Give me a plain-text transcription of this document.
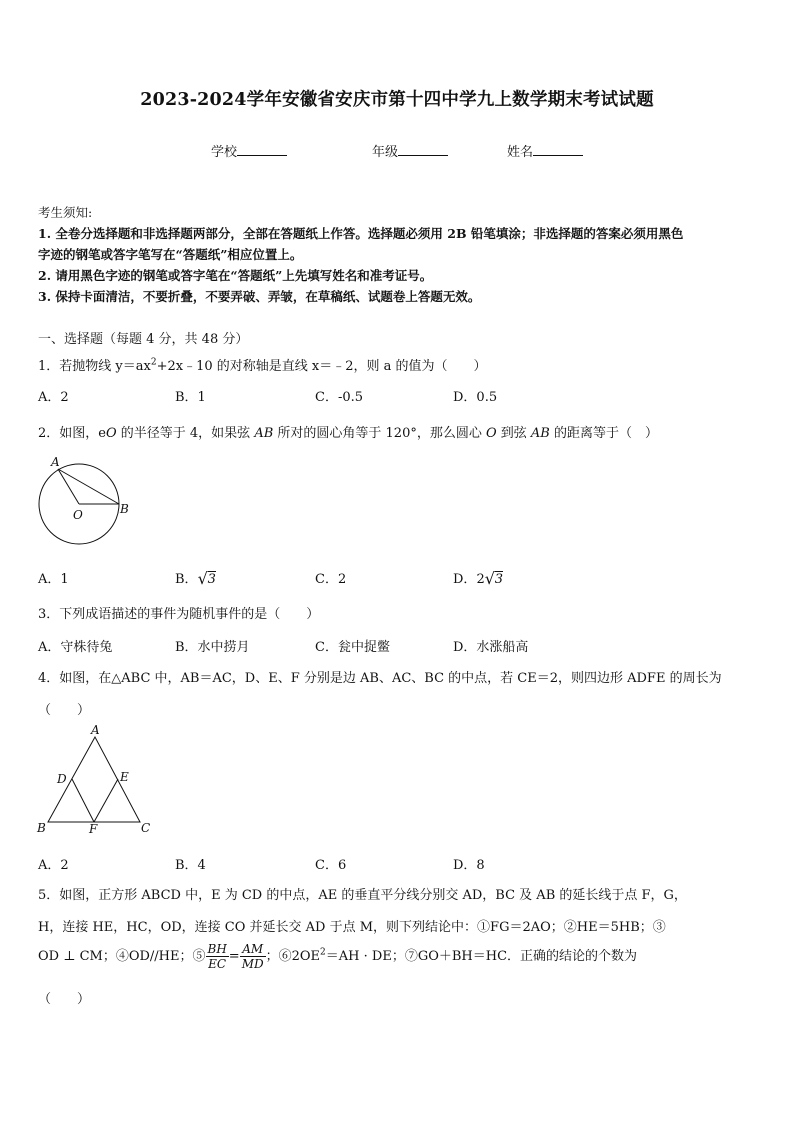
2023-2024学年安徽省安庆市第十四中学九上数学期末考试试题
学校	年级	姓名
考生须知:
1. 全卷分选择题和非选择题两部分，全部在答题纸上作答。选择题必须用 2B 铅笔填涂；非选择题的答案必须用黑色
字迹的钢笔或答字笔写在“答题纸”相应位置上。
2. 请用黑色字迹的钢笔或答字笔在“答题纸”上先填写姓名和准考证号。
3. 保持卡面清洁，不要折叠，不要弄破、弄皱，在草稿纸、试题卷上答题无效。
一、选择题（每题 4 分，共 48 分）
1．若抛物线 $y=ax^2+2x﹣10$ 的对称轴是直线 x＝﹣2，则 a 的值为（　　）
A．2	B．1	C．-0.5	D．0.5
2．如图，eO 的半径等于 4，如果弦 AB 所对的圆心角等于 120°，那么圆心 O 到弦 AB 的距离等于（　）
A
O	B
A．1	B． √ 3	C．2	D．2 √ 3
3．下列成语描述的事件为随机事件的是（　　）
A．守株待兔	B．水中捞月	C．瓮中捉鳖	D．水涨船高
4．如图，在△ABC 中，AB＝AC，D、E、F 分别是边 AB、AC、BC 的中点，若 CE＝2，则四边形 ADFE 的周长为
（　　）
A
D	E
B	F	C
A．2	B．4	C．6	D．8
5．如图，正方形 ABCD 中，E 为 CD 的中点，AE 的垂直平分线分别交 AD，BC 及 AB 的延长线于点 F，G，
H，连接 HE，HC，OD，连接 CO 并延长交 AD 于点 M，则下列结论中：①FG＝2AO；②HE＝5HB；③
OD ⊥ CM；④OD//HE；⑤ $\frac{BH}{EC} = \frac{AM}{MD}$ ；$⑥2OE^2=AH$ · DE；⑦GO＋BH＝HC．正确的结论的个数为
（　　）
